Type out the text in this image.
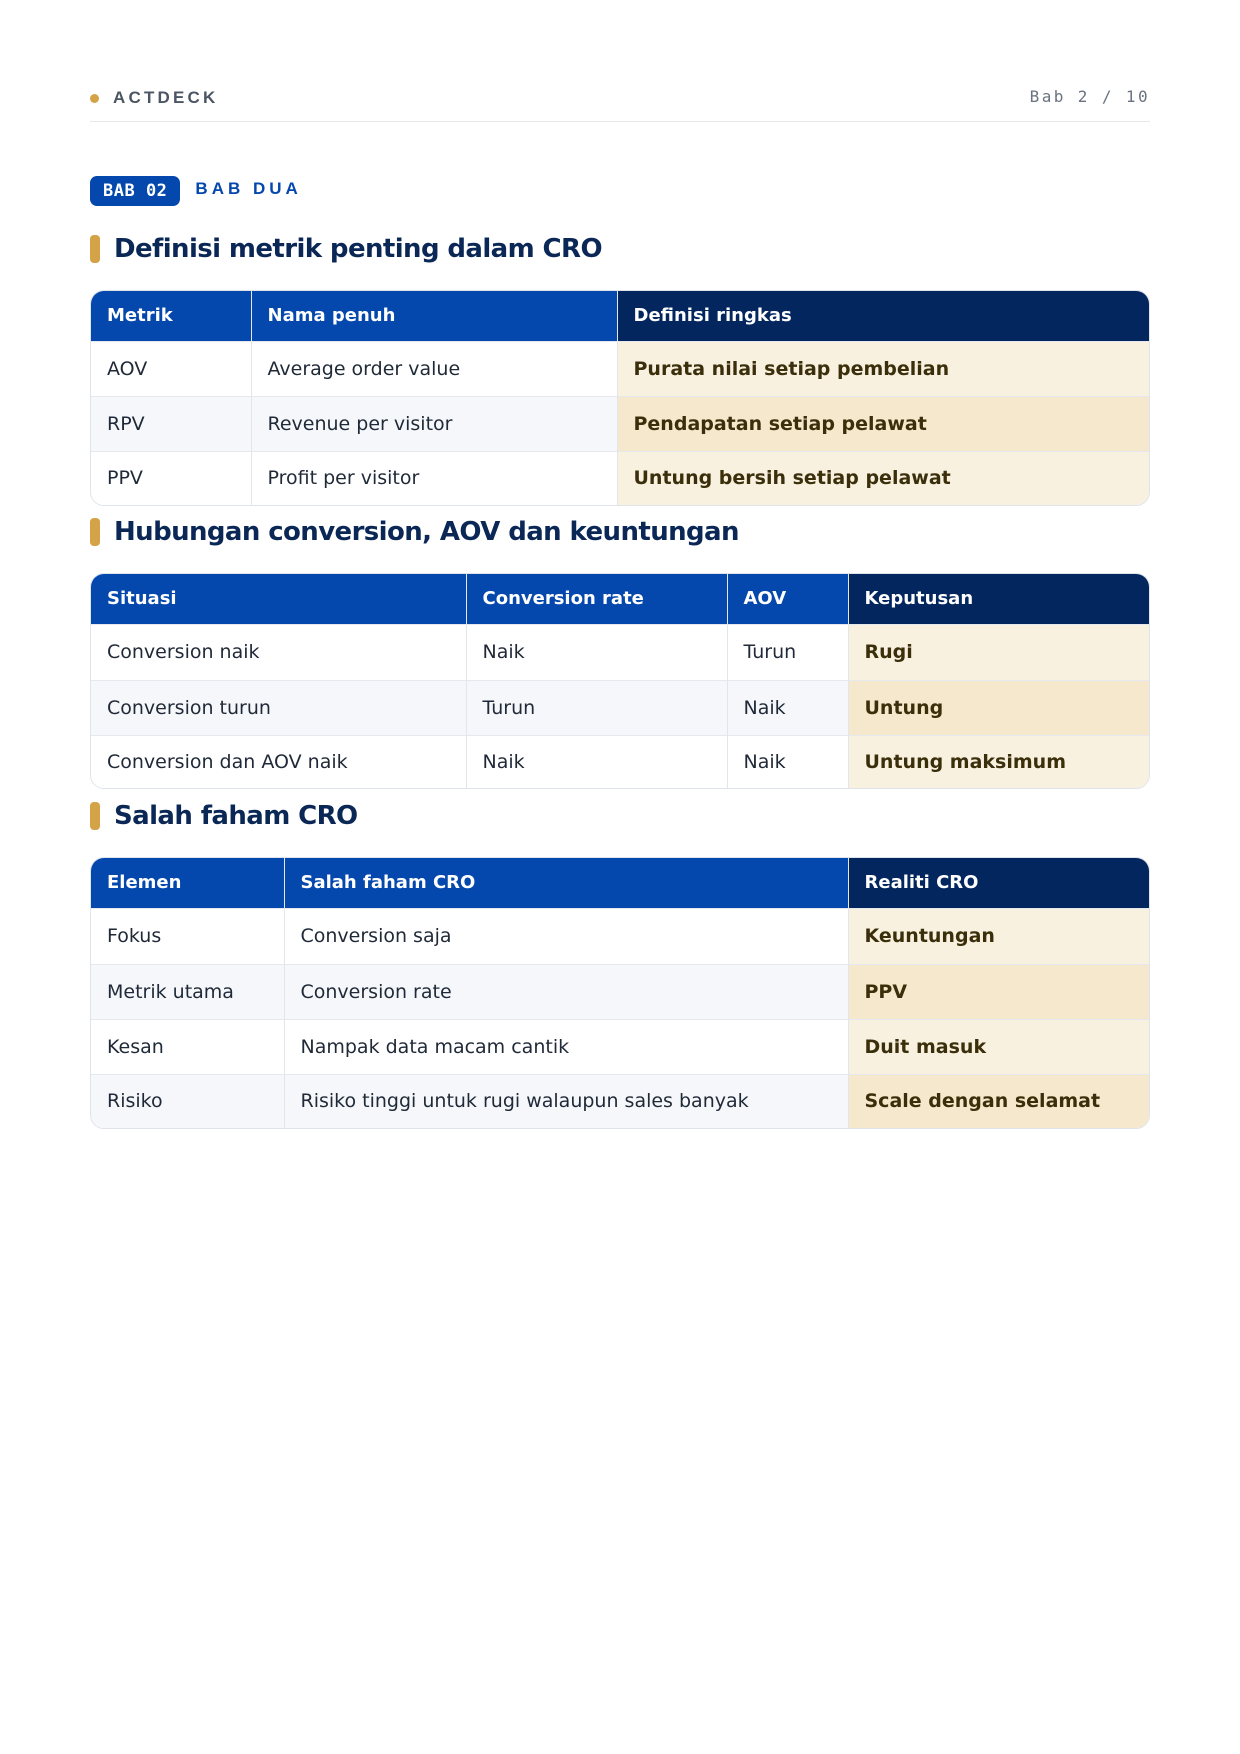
ACTDECK	Bab 2 / 10
BAB 02	BAB DUA
Definisi metrik penting dalam CRO
Metrik	Nama penuh	Definisi ringkas
AOV	Average order value	Purata nilai setiap pembelian
RPV	Revenue per visitor	Pendapatan setiap pelawat
PPV	Profit per visitor	Untung bersih setiap pelawat
Hubungan conversion, AOV dan keuntungan
Situasi	Conversion rate	AOV	Keputusan
Conversion naik	Naik	Turun	Rugi
Conversion turun	Turun	Naik	Untung
Conversion dan AOV naik	Naik	Naik	Untung maksimum
Salah faham CRO
Elemen	Salah faham CRO	Realiti CRO
Fokus	Conversion saja	Keuntungan
Metrik utama	Conversion rate	PPV
Kesan	Nampak data macam cantik	Duit masuk
Risiko	Risiko tinggi untuk rugi walaupun sales banyak	Scale dengan selamat
